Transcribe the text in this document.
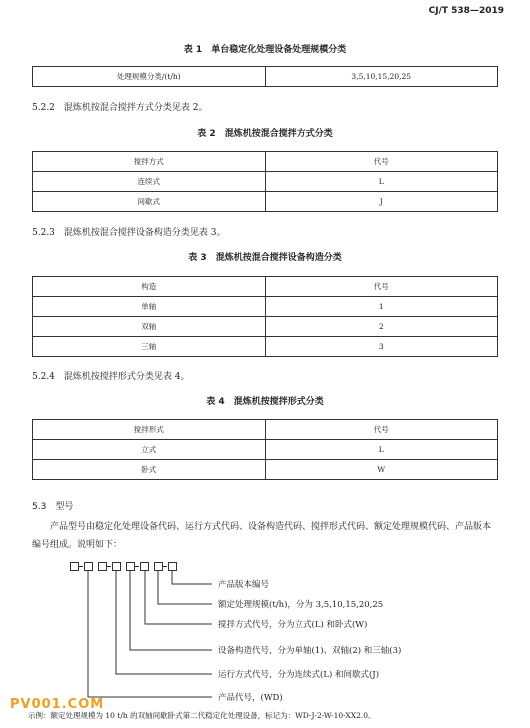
CJ/T 538—2019
表 1　单台稳定化处理设备处理规模分类
处理规模分类/(t/h)	3,5,10,15,20,25
5.2.2　混炼机按混合搅拌方式分类见表 2。
表 2　混炼机按混合搅拌方式分类
搅拌方式	代号
连续式	L
间歇式	J
5.2.3　混炼机按混合搅拌设备构造分类见表 3。
表 3　混炼机按混合搅拌设备构造分类
构造	代号
单轴	1
双轴	2
三轴	3
5.2.4　混炼机按搅拌形式分类见表 4。
表 4　混炼机按搅拌形式分类
搅拌形式	代号
立式	L
卧式	W
5.3　型号
产品型号由稳定化处理设备代码、运行方式代码、设备构造代码、搅拌形式代码、额定处理规模代码、产品版本编号组成。说明如下：
产品版本编号
额定处理规模(t/h)，分为 3,5,10,15,20,25
搅拌方式代号，分为立式(L) 和卧式(W)
设备构造代号，分为单轴(1)、双轴(2) 和三轴(3)
运行方式代号，分为连续式(L) 和间歇式(J)
产品代号，(WD)
PV001.COM
示例：额定处理规模为 10 t/h 的双轴间歇卧式第二代稳定化处理设备，标记为：WD-J-2-W-10-XX2.0。
